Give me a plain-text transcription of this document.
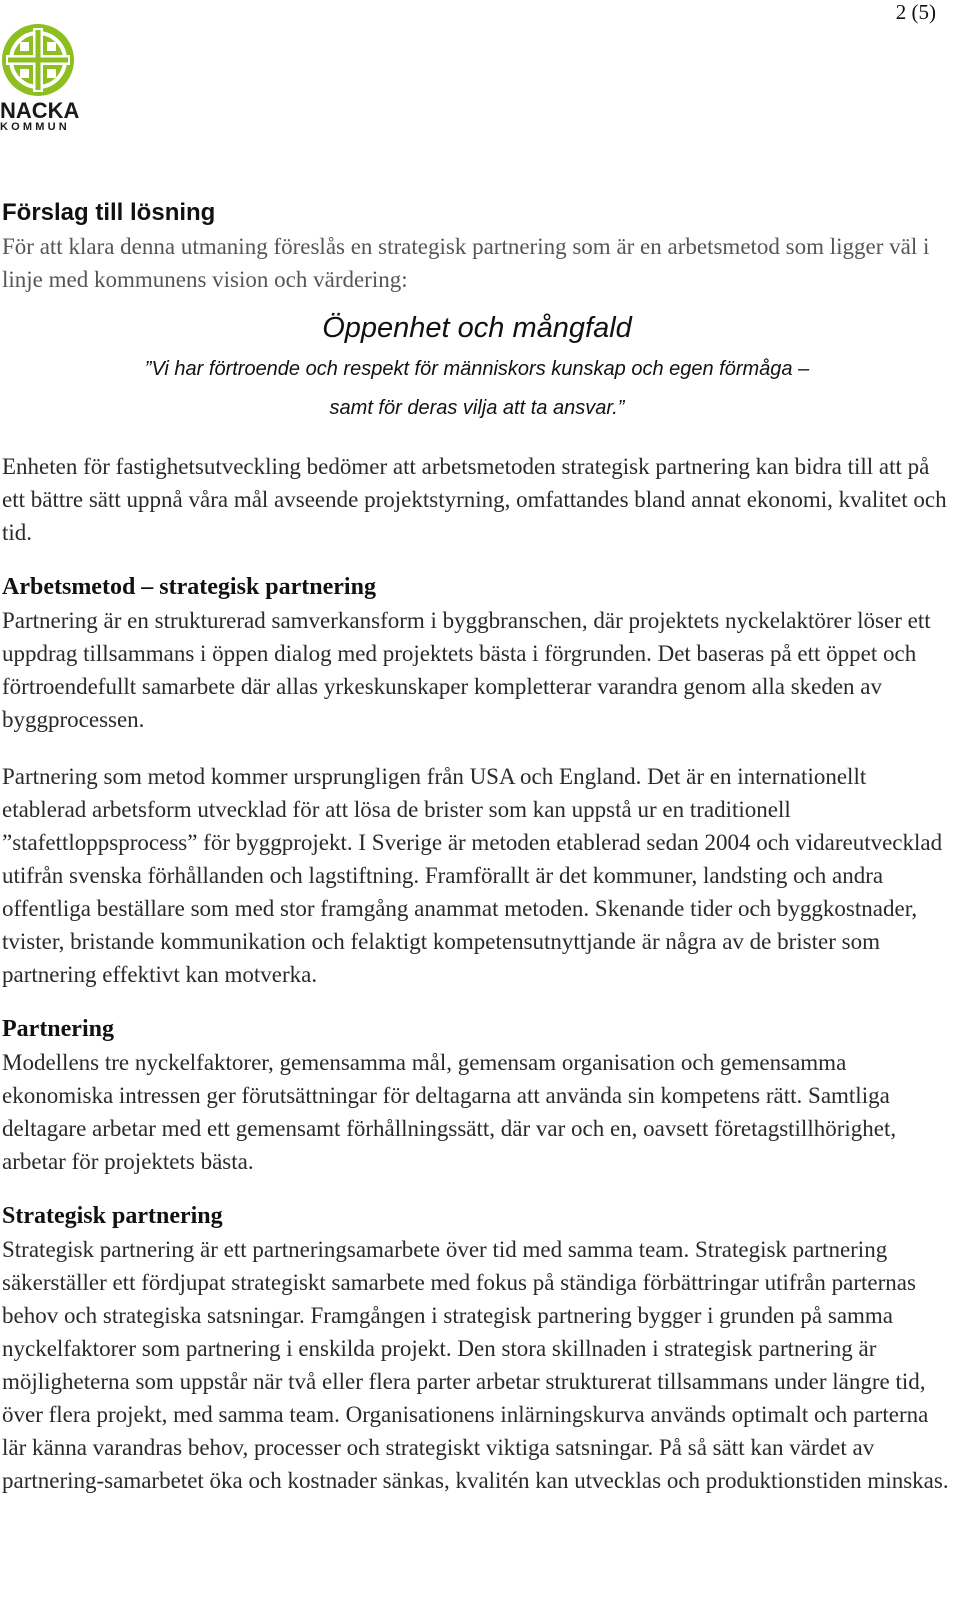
2 (5)
NACKA
KOMMUN
Förslag till lösning

För att klara denna utmaning föreslås en strategisk partnering som är en arbetsmetod som ligger väl i linje med kommunens vision och värdering:

Öppenhet och mångfald
”Vi har förtroende och respekt för människors kunskap och egen förmåga –
samt för deras vilja att ta ansvar.”

Enheten för fastighetsutveckling bedömer att arbetsmetoden strategisk partnering kan bidra till att på ett bättre sätt uppnå våra mål avseende projektstyrning, omfattandes bland annat ekonomi, kvalitet och tid.

Arbetsmetod – strategisk partnering

Partnering är en strukturerad samverkansform i byggbranschen, där projektets nyckelaktörer löser ett uppdrag tillsammans i öppen dialog med projektets bästa i förgrunden. Det baseras på ett öppet och förtroendefullt samarbete där allas yrkeskunskaper kompletterar varandra genom alla skeden av byggprocessen.

Partnering som metod kommer ursprungligen från USA och England. Det är en internationellt etablerad arbetsform utvecklad för att lösa de brister som kan uppstå ur en traditionell ”stafettloppsprocess” för byggprojekt. I Sverige är metoden etablerad sedan 2004 och vidareutvecklad utifrån svenska förhållanden och lagstiftning. Framförallt är det kommuner, landsting och andra offentliga beställare som med stor framgång anammat metoden. Skenande tider och byggkostnader, tvister, bristande kommunikation och felaktigt kompetensutnyttjande är några av de brister som partnering effektivt kan motverka.

Partnering

Modellens tre nyckelfaktorer, gemensamma mål, gemensam organisation och gemensamma ekonomiska intressen ger förutsättningar för deltagarna att använda sin kompetens rätt. Samtliga deltagare arbetar med ett gemensamt förhållningssätt, där var och en, oavsett företagstillhörighet, arbetar för projektets bästa.

Strategisk partnering

Strategisk partnering är ett partneringsamarbete över tid med samma team. Strategisk partnering säkerställer ett fördjupat strategiskt samarbete med fokus på ständiga förbättringar utifrån parternas behov och strategiska satsningar. Framgången i strategisk partnering bygger i grunden på samma nyckelfaktorer som partnering i enskilda projekt. Den stora skillnaden i strategisk partnering är möjligheterna som uppstår när två eller flera parter arbetar strukturerat tillsammans under längre tid, över flera projekt, med samma team. Organisationens inlärningskurva används optimalt och parterna lär känna varandras behov, processer och strategiskt viktiga satsningar. På så sätt kan värdet av partnering-samarbetet öka och kostnader sänkas, kvalitén kan utvecklas och produktionstiden minskas.
